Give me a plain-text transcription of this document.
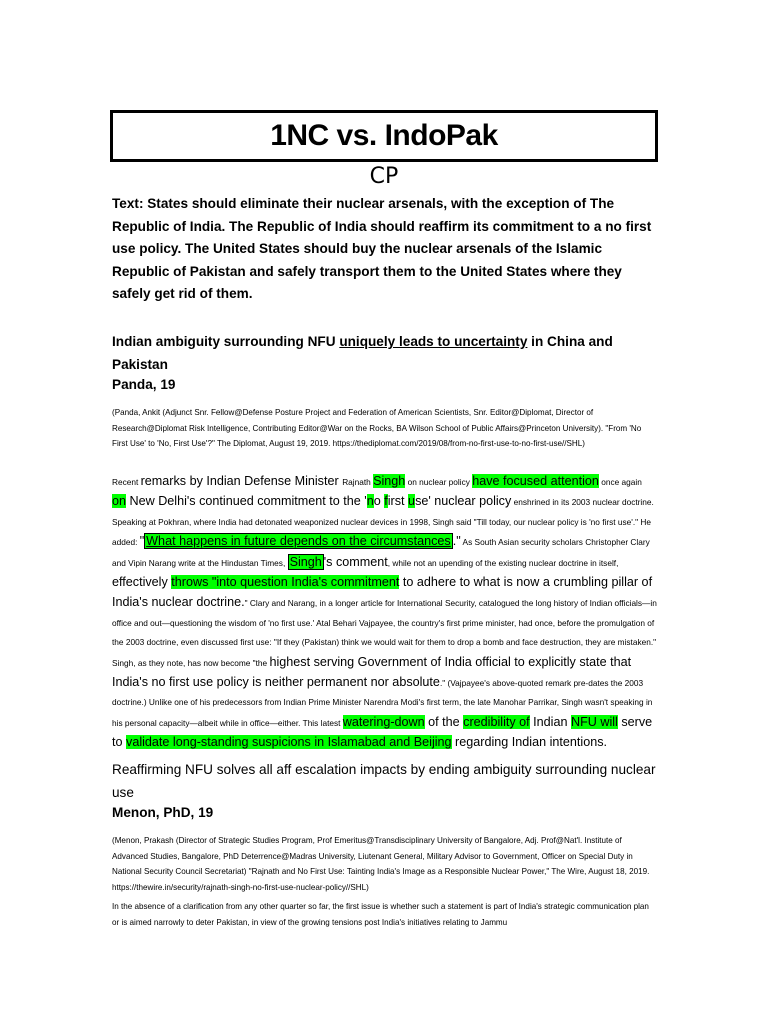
1NC vs. IndoPak
CP
Text: States should eliminate their nuclear arsenals, with the exception of The Republic of India. The Republic of India should reaffirm its commitment to a no first use policy. The United States should buy the nuclear arsenals of the Islamic Republic of Pakistan and safely transport them to the United States where they safely get rid of them.
Indian ambiguity surrounding NFU uniquely leads to uncertainty in China and Pakistan
Panda, 19
(Panda, Ankit (Adjunct Snr. Fellow@Defense Posture Project and Federation of American Scientists, Snr. Editor@Diplomat, Director of Research@Diplomat Risk Intelligence, Contributing Editor@War on the Rocks, BA Wilson School of Public Affairs@Princeton University). "From 'No First Use' to 'No, First Use'?" The Diplomat, August 19, 2019. https://thediplomat.com/2019/08/from-no-first-use-to-no-first-use//SHL)
Recent remarks by Indian Defense Minister Rajnath Singh on nuclear policy have focused attention once again on New Delhi's continued commitment to the 'no first use' nuclear policy enshrined in its 2003 nuclear doctrine. Speaking at Pokhran, where India had detonated weaponized nuclear devices in 1998, Singh said "Till today, our nuclear policy is 'no first use'." He added: " What happens in future depends on the circumstances ." As South Asian security scholars Christopher Clary and Vipin Narang write at the Hindustan Times, Singh 's comment, while not an upending of the existing nuclear doctrine in itself, effectively throws "into question India's commitment to adhere to what is now a crumbling pillar of India's nuclear doctrine." Clary and Narang, in a longer article for International Security, catalogued the long history of Indian officials—in office and out—questioning the wisdom of 'no first use.' Atal Behari Vajpayee, the country's first prime minister, had once, before the promulgation of the 2003 doctrine, even discussed first use: "If they (Pakistan) think we would wait for them to drop a bomb and face destruction, they are mistaken." Singh, as they note, has now become "the highest serving Government of India official to explicitly state that India's no first use policy is neither permanent nor absolute." (Vajpayee's above-quoted remark pre-dates the 2003 doctrine.) Unlike one of his predecessors from Indian Prime Minister Narendra Modi's first term, the late Manohar Parrikar, Singh wasn't speaking in his personal capacity—albeit while in office—either. This latest watering-down of the credibility of Indian NFU will serve to validate long-standing suspicions in Islamabad and Beijing regarding Indian intentions.
Reaffirming NFU solves all aff escalation impacts by ending ambiguity surrounding nuclear use
Menon, PhD, 19
(Menon, Prakash (Director of Strategic Studies Program, Prof Emeritus@Transdisciplinary University of Bangalore, Adj. Prof@Nat'l. Institute of Advanced Studies, Bangalore, PhD Deterrence@Madras University, Liutenant General, Military Advisor to Government, Officer on Special Duty in National Security Council Secretariat) "Rajnath and No First Use: Tainting India's Image as a Responsible Nuclear Power," The Wire, August 18, 2019. https://thewire.in/security/rajnath-singh-no-first-use-nuclear-policy//SHL)
In the absence of a clarification from any other quarter so far, the first issue is whether such a statement is part of India's strategic communication plan or is aimed narrowly to deter Pakistan, in view of the growing tensions post India's initiatives relating to Jammu
